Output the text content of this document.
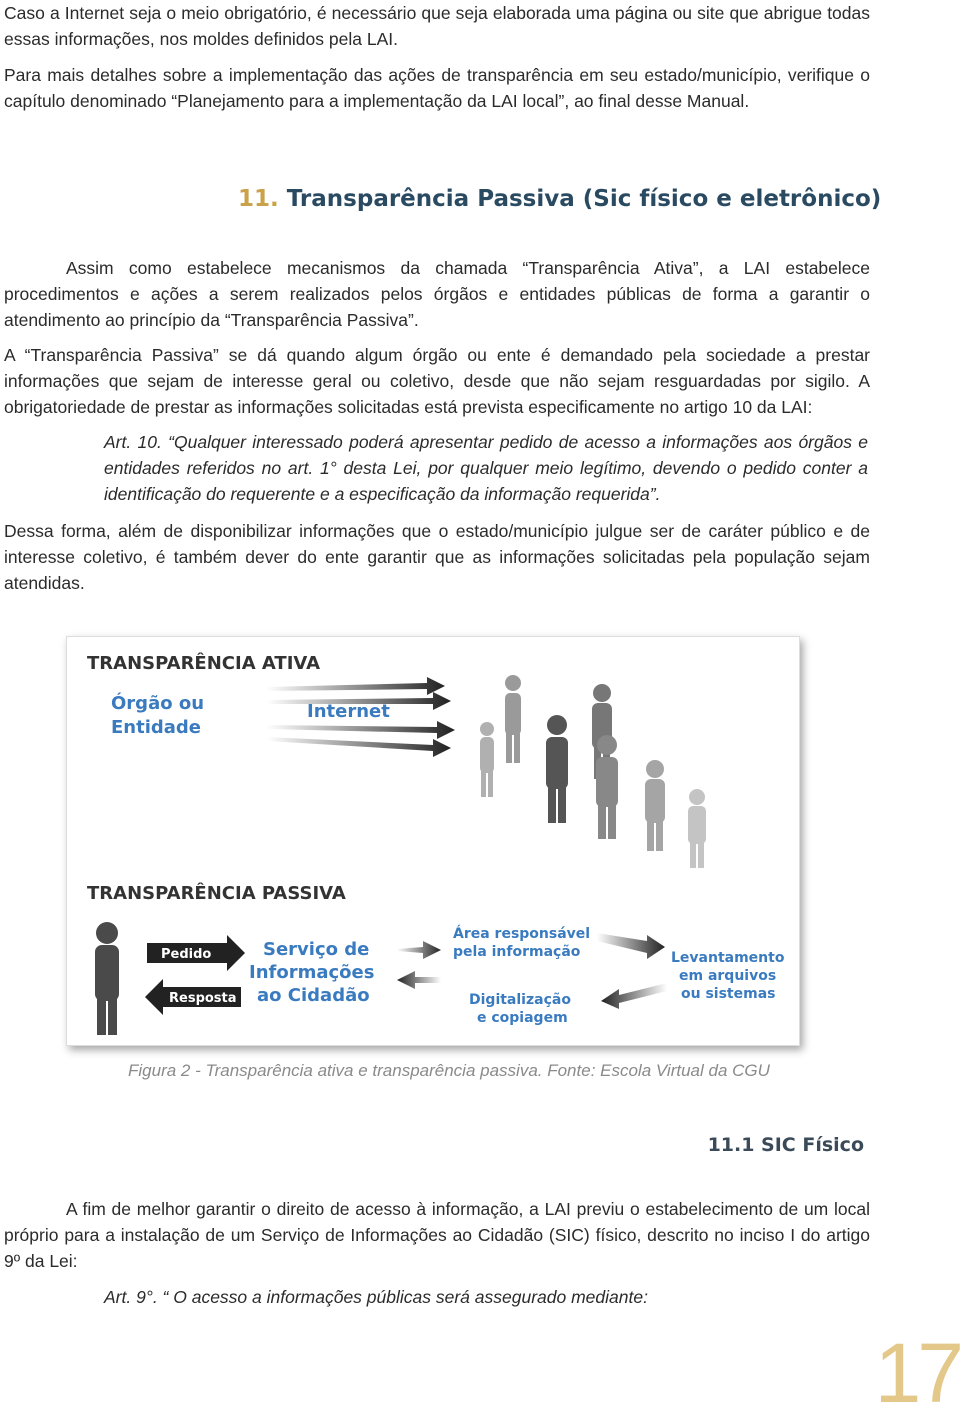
Caso a Internet seja o meio obrigatório, é necessário que seja elaborada uma página ou site que abrigue todas essas informações, nos moldes definidos pela LAI.

Para mais detalhes sobre a implementação das ações de transparência em seu estado/município, verifique o capítulo denominado “Planejamento para a implementação da LAI local”, ao final desse Manual.

11. Transparência Passiva (Sic físico e eletrônico)

Assim como estabelece mecanismos da chamada “Transparência Ativa”, a LAI estabelece procedimentos e ações a serem realizados pelos órgãos e entidades públicas de forma a garantir o atendimento ao princípio da “Transparência Passiva”.

A “Transparência Passiva” se dá quando algum órgão ou ente é demandado pela sociedade a prestar informações que sejam de interesse geral ou coletivo, desde que não sejam resguardadas por sigilo. A obrigatoriedade de prestar as informações solicitadas está prevista especificamente no artigo 10 da LAI:

Art. 10. “Qualquer interessado poderá apresentar pedido de acesso a informações aos órgãos e entidades referidos no art. 1° desta Lei, por qualquer meio legítimo, devendo o pedido conter a identificação do requerente e a especificação da informação requerida”.

Dessa forma, além de disponibilizar informações que o estado/município julgue ser de caráter público e de interesse coletivo, é também dever do ente garantir que as informações solicitadas pela população sejam atendidas.

TRANSPARÊNCIA ATIVA
Órgão ou
Entidade
Internet
TRANSPARÊNCIA PASSIVA
Pedido
Resposta
Serviço de
Informações
ao Cidadão
Área responsável
pela informação
Digitalização
e copiagem
Levantamento
em arquivos
ou sistemas

Figura 2 - Transparência ativa e transparência passiva. Fonte: Escola Virtual da CGU

11.1 SIC Físico

A fim de melhor garantir o direito de acesso à informação, a LAI previu o estabelecimento de um local próprio para a instalação de um Serviço de Informações ao Cidadão (SIC) físico, descrito no inciso I do artigo 9º da Lei:

Art. 9°. “ O acesso a informações públicas será assegurado mediante:

17
